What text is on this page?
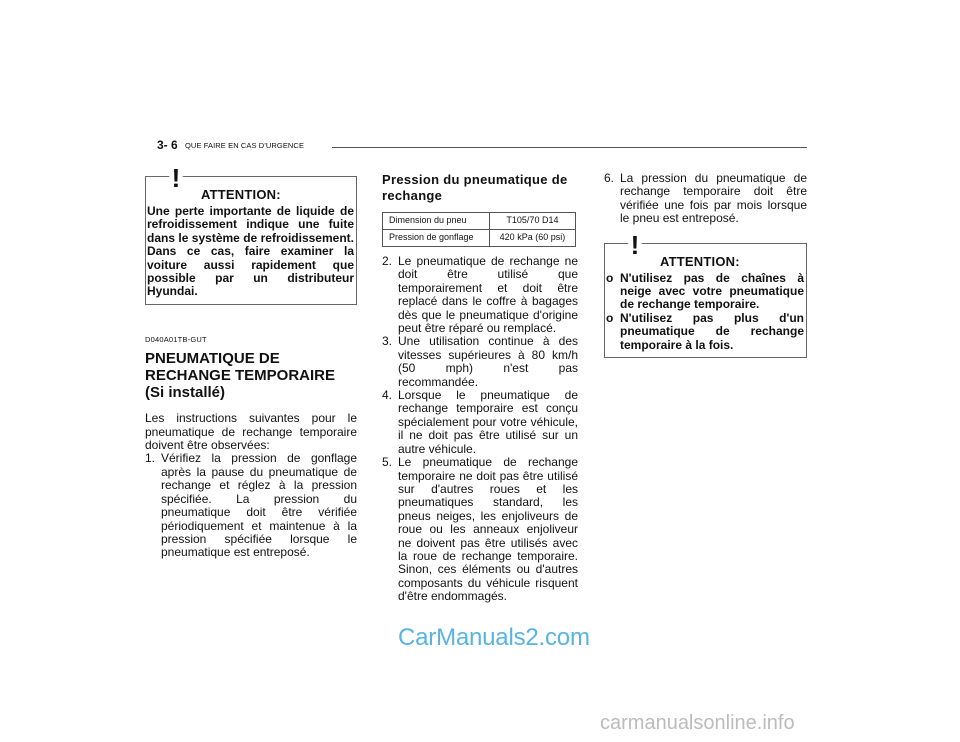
3- 6 QUE FAIRE EN CAS D'URGENCE
!
ATTENTION:
Une perte importante de liquide de refroidissement indique une fuite dans le système de refroidissement. Dans ce cas, faire examiner la voiture aussi rapidement que possible par un distributeur Hyundai.
D040A01TB-GUT
PNEUMATIQUE DE RECHANGE TEMPORAIRE (Si installé)
Les instructions suivantes pour le pneumatique de rechange temporaire doivent être observées:
1. Vérifiez la pression de gonflage après la pause du pneumatique de rechange et réglez à la pression spécifiée. La pression du pneumatique doit être vérifiée périodiquement et maintenue à la pression spécifiée lorsque le pneumatique est entreposé.
Pression du pneumatique de rechange
Dimension du pneu	T105/70 D14
Pression de gonflage	420 kPa (60 psi)
2. Le pneumatique de rechange ne doit être utilisé que temporairement et doit être replacé dans le coffre à bagages dès que le pneumatique d'origine peut être réparé ou remplacé.
3. Une utilisation continue à des vitesses supérieures à 80 km/h (50 mph) n'est pas recommandée.
4. Lorsque le pneumatique de rechange temporaire est conçu spécialement pour votre véhicule, il ne doit pas être utilisé sur un autre véhicule.
5. Le pneumatique de rechange temporaire ne doit pas être utilisé sur d'autres roues et les pneumatiques standard, les pneus neiges, les enjoliveurs de roue ou les anneaux enjoliveur ne doivent pas être utilisés avec la roue de rechange temporaire. Sinon, ces éléments ou d'autres composants du véhicule risquent d'être endommagés.
6. La pression du pneumatique de rechange temporaire doit être vérifiée une fois par mois lorsque le pneu est entreposé.
!
ATTENTION:
o N'utilisez pas de chaînes à neige avec votre pneumatique de rechange temporaire.
o N'utilisez pas plus d'un pneumatique de rechange temporaire à la fois.
CarManuals2.com
carmanualsonline.info
